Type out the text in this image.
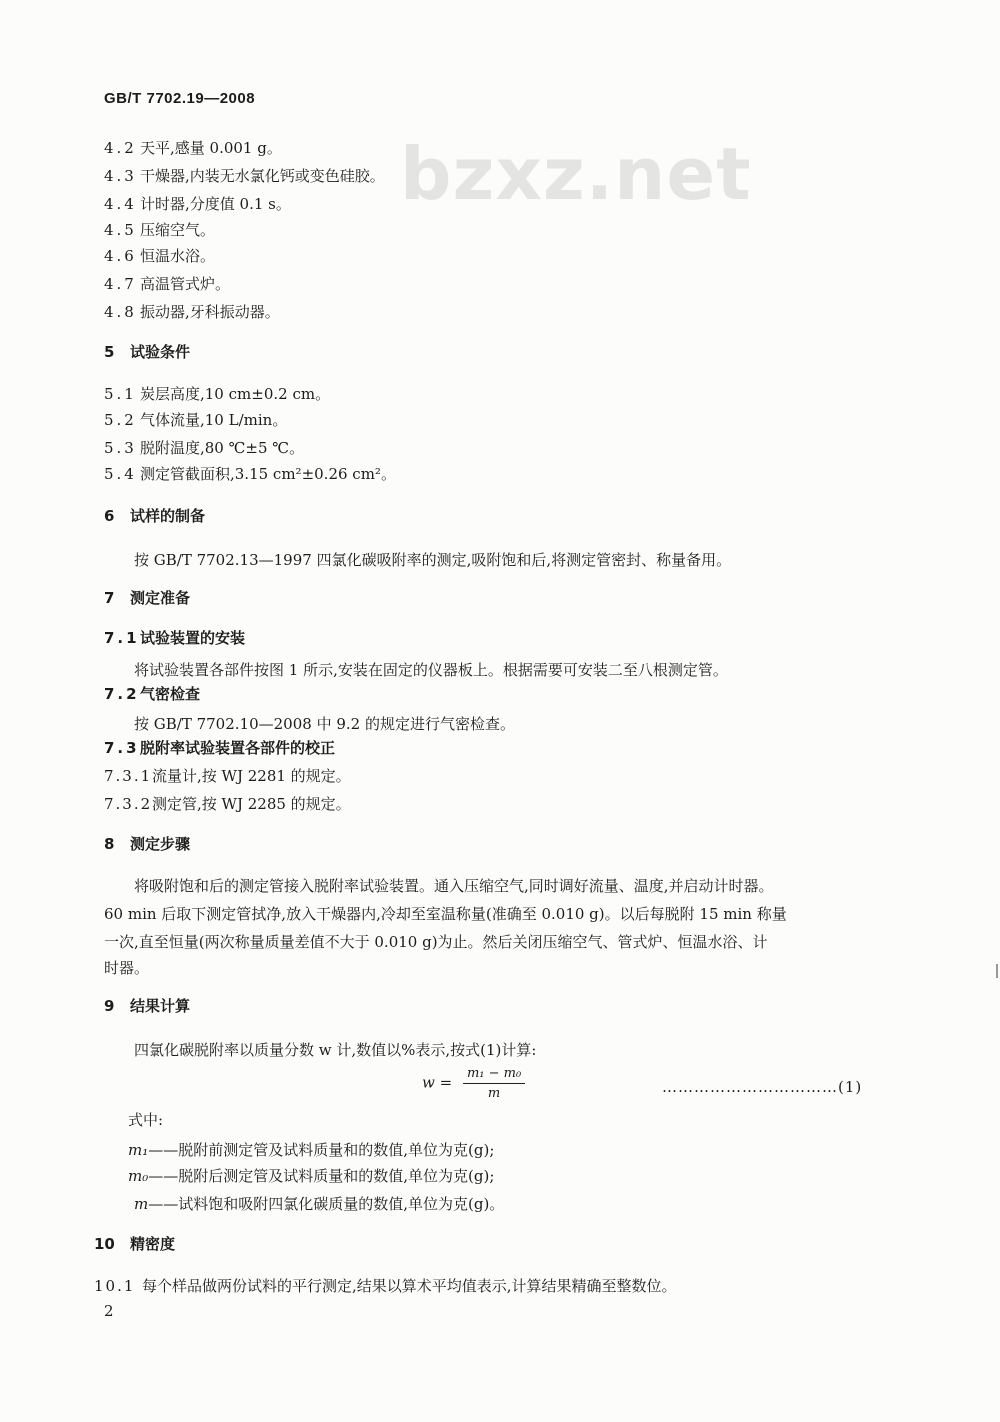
bzxz.net
GB/T 7702.19—2008
4.2 天平,感量 0.001 g。
4.3 干燥器,内装无水氯化钙或变色硅胶。
4.4 计时器,分度值 0.1 s。
4.5 压缩空气。
4.6 恒温水浴。
4.7 高温管式炉。
4.8 振动器,牙科振动器。
5 试验条件
5.1 炭层高度,10 cm±0.2 cm。
5.2 气体流量,10 L/min。
5.3 脱附温度,80 ℃±5 ℃。
5.4 测定管截面积,3.15 cm²±0.26 cm²。
6 试样的制备
按 GB/T 7702.13—1997 四氯化碳吸附率的测定,吸附饱和后,将测定管密封、称量备用。
7 测定准备
7.1试验装置的安装
将试验装置各部件按图 1 所示,安装在固定的仪器板上。根据需要可安装二至八根测定管。
7.2气密检查
按 GB/T 7702.10—2008 中 9.2 的规定进行气密检查。
7.3脱附率试验装置各部件的校正
7.3.1流量计,按 WJ 2281 的规定。
7.3.2测定管,按 WJ 2285 的规定。
8 测定步骤
将吸附饱和后的测定管接入脱附率试验装置。通入压缩空气,同时调好流量、温度,并启动计时器。
60 min 后取下测定管拭净,放入干燥器内,冷却至室温称量(准确至 0.010 g)。以后每脱附 15 min 称量
一次,直至恒量(两次称量质量差值不大于 0.010 g)为止。然后关闭压缩空气、管式炉、恒温水浴、计
时器。
9 结果计算
四氯化碳脱附率以质量分数 w 计,数值以%表示,按式(1)计算:
$w = \frac{\text{m₁ − m₀}}{m}$	……………………………(1)
式中:
m₁——脱附前测定管及试料质量和的数值,单位为克(g);
m₀——脱附后测定管及试料质量和的数值,单位为克(g);
m——试料饱和吸附四氯化碳质量的数值,单位为克(g)。
10 精密度
10.1 每个样品做两份试料的平行测定,结果以算术平均值表示,计算结果精确至整数位。
2
